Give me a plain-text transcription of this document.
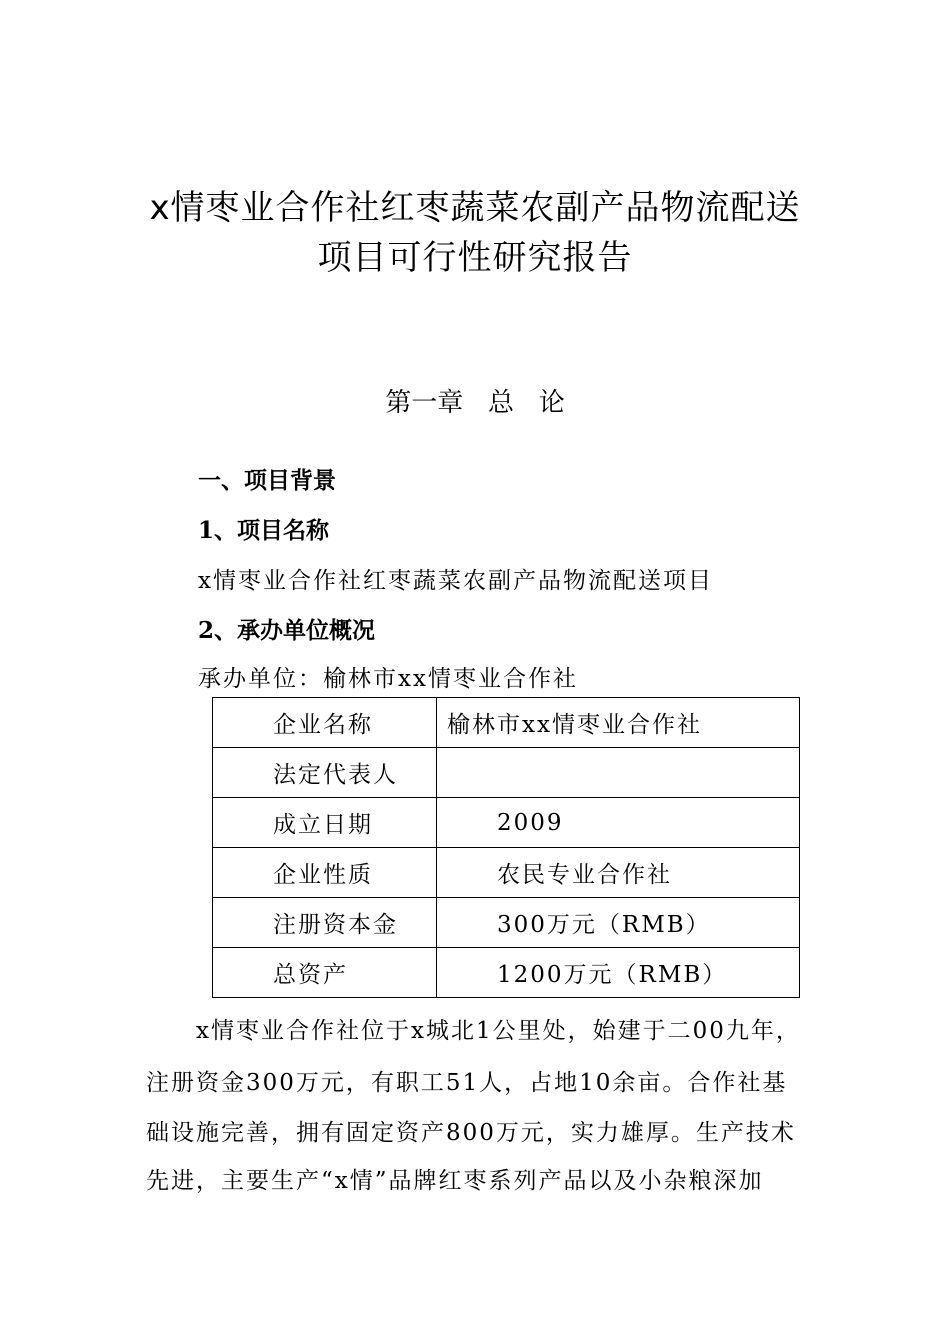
x情枣业合作社红枣蔬菜农副产品物流配送
项目可行性研究报告
第一章   总   论
一、项目背景
1、项目名称
x情枣业合作社红枣蔬菜农副产品物流配送项目
2、承办单位概况
承办单位：榆林市xx情枣业合作社
企业名称	榆林市xx情枣业合作社
法定代表人	
成立日期	2009
企业性质	农民专业合作社
注册资本金	300万元（RMB）
总资产	1200万元（RMB）
x情枣业合作社位于x城北1公里处，始建于二00九年，
注册资金300万元，有职工51人，占地10余亩。合作社基
础设施完善，拥有固定资产800万元，实力雄厚。生产技术
先进，主要生产“x情”品牌红枣系列产品以及小杂粮深加
